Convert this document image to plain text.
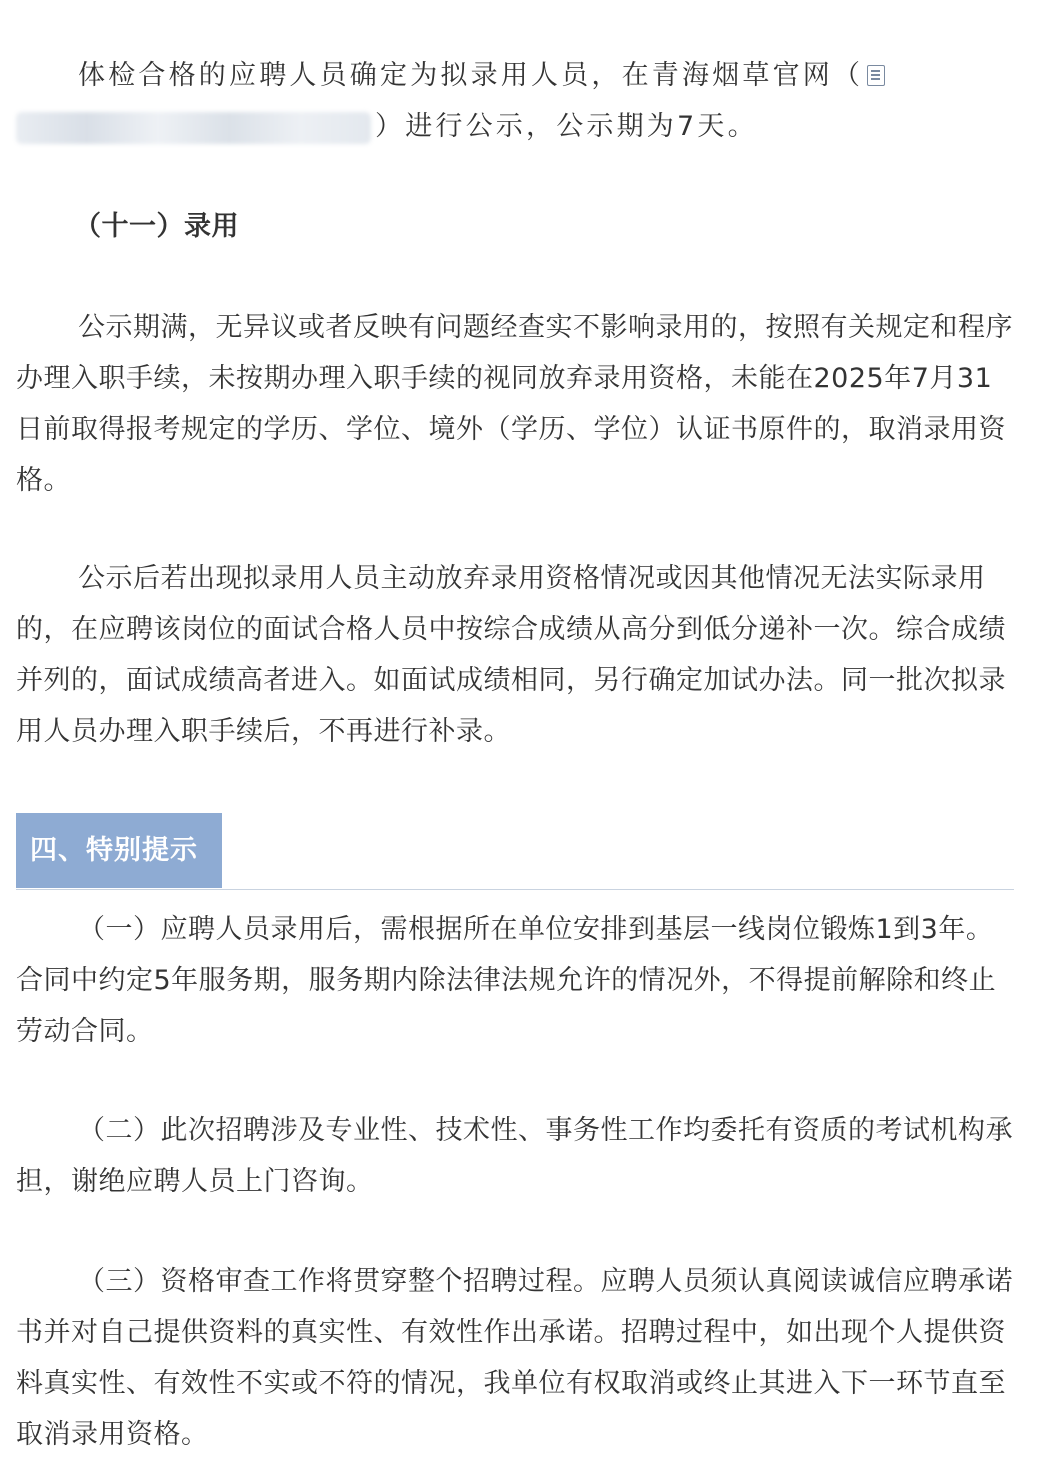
体检合格的应聘人员确定为拟录用人员，在青海烟草官网（
）进行公示，公示期为7天。

（十一）录用

公示期满，无异议或者反映有问题经查实不影响录用的，按照有关规定和程序办理入职手续，未按期办理入职手续的视同放弃录用资格，未能在2025年7月31日前取得报考规定的学历、学位、境外（学历、学位）认证书原件的，取消录用资格。

公示后若出现拟录用人员主动放弃录用资格情况或因其他情况无法实际录用的，在应聘该岗位的面试合格人员中按综合成绩从高分到低分递补一次。综合成绩并列的，面试成绩高者进入。如面试成绩相同，另行确定加试办法。同一批次拟录用人员办理入职手续后，不再进行补录。

四、特别提示

（一）应聘人员录用后，需根据所在单位安排到基层一线岗位锻炼1到3年。合同中约定5年服务期，服务期内除法律法规允许的情况外，不得提前解除和终止劳动合同。

（二）此次招聘涉及专业性、技术性、事务性工作均委托有资质的考试机构承担，谢绝应聘人员上门咨询。

（三）资格审查工作将贯穿整个招聘过程。应聘人员须认真阅读诚信应聘承诺书并对自己提供资料的真实性、有效性作出承诺。招聘过程中，如出现个人提供资料真实性、有效性不实或不符的情况，我单位有权取消或终止其进入下一环节直至取消录用资格。
